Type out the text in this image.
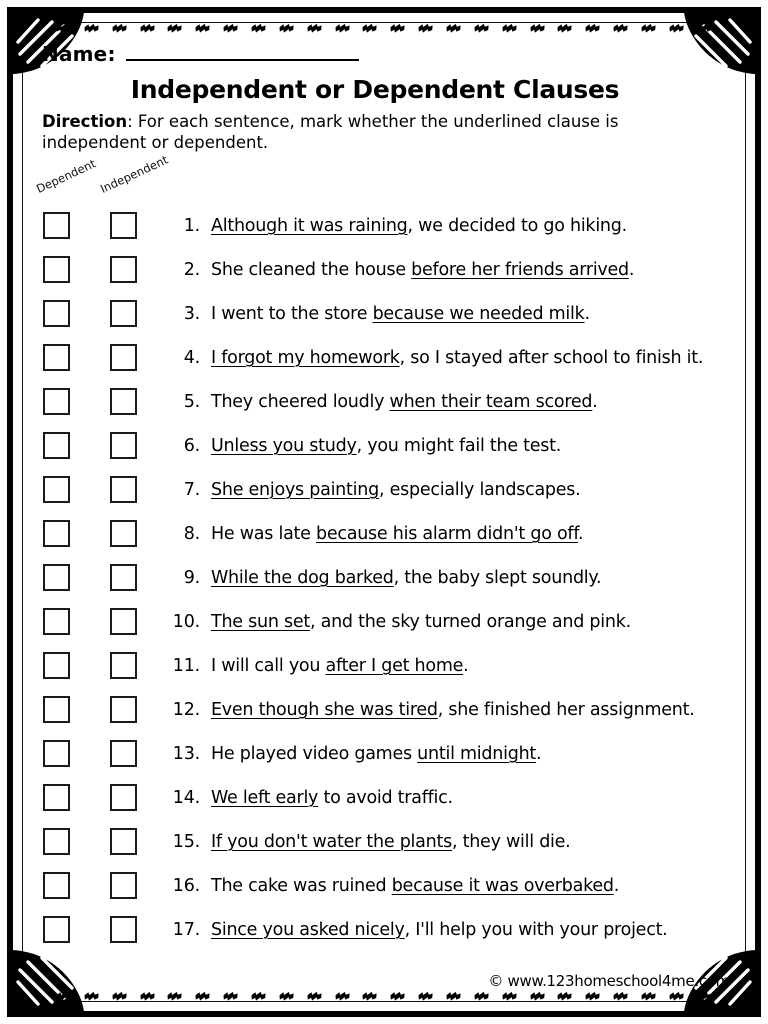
Name:
Independent or Dependent Clauses
Direction: For each sentence, mark whether the underlined clause is independent or dependent.
Dependent Independent
1. Although it was raining, we decided to go hiking.
2. She cleaned the house before her friends arrived.
3. I went to the store because we needed milk.
4. I forgot my homework, so I stayed after school to finish it.
5. They cheered loudly when their team scored.
6. Unless you study, you might fail the test.
7. She enjoys painting, especially landscapes.
8. He was late because his alarm didn't go off.
9. While the dog barked, the baby slept soundly.
10. The sun set, and the sky turned orange and pink.
11. I will call you after I get home.
12. Even though she was tired, she finished her assignment.
13. He played video games until midnight.
14. We left early to avoid traffic.
15. If you don't water the plants, they will die.
16. The cake was ruined because it was overbaked.
17. Since you asked nicely, I'll help you with your project.
© www.123homeschool4me.com
